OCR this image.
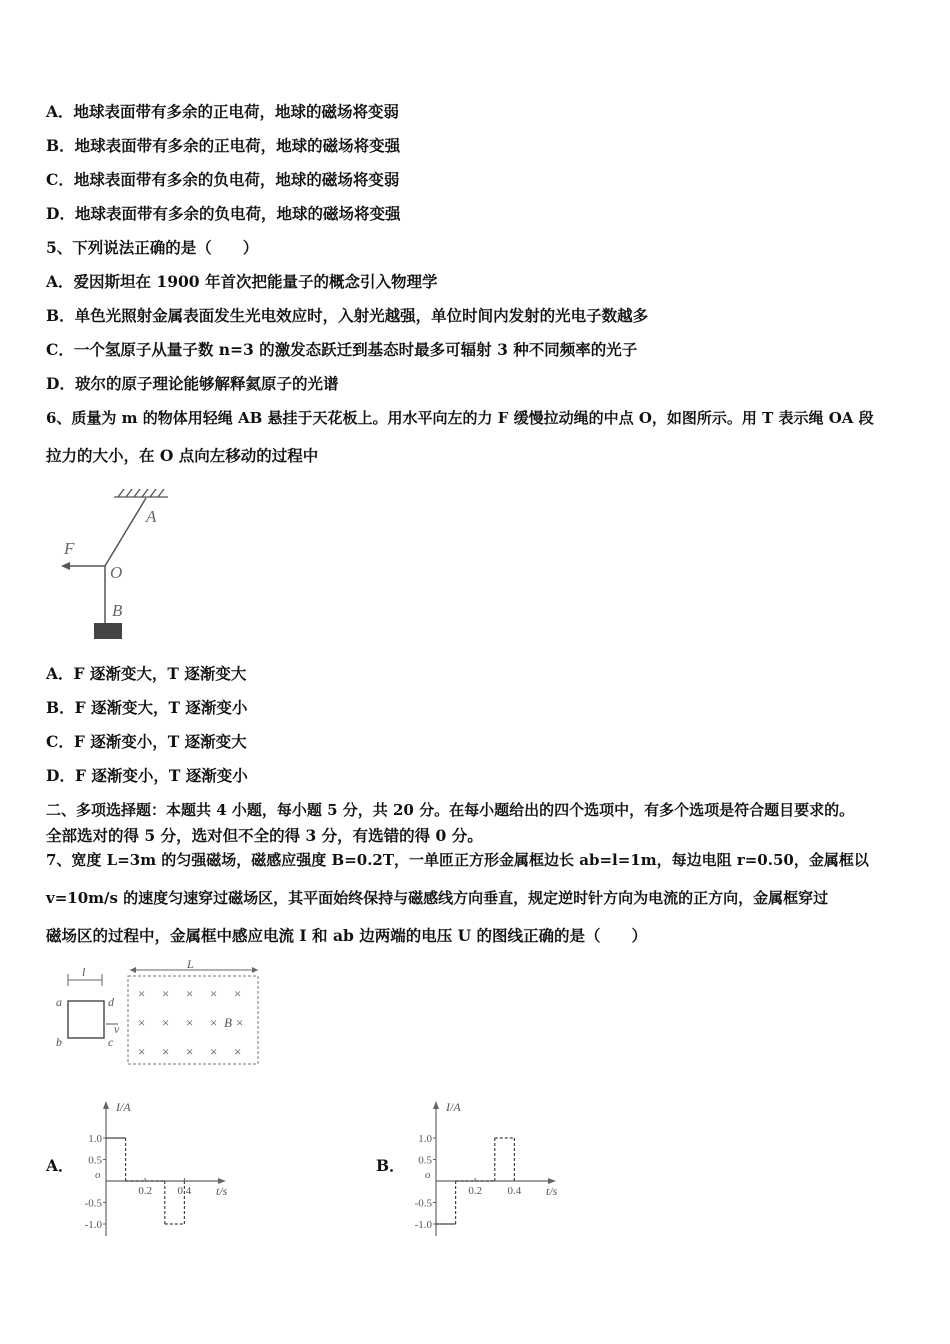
A．地球表面带有多余的正电荷，地球的磁场将变弱
B．地球表面带有多余的正电荷，地球的磁场将变强
C．地球表面带有多余的负电荷，地球的磁场将变弱
D．地球表面带有多余的负电荷，地球的磁场将变强
5、下列说法正确的是（　　）
A．爱因斯坦在 1900 年首次把能量子的概念引入物理学
B．单色光照射金属表面发生光电效应时，入射光越强，单位时间内发射的光电子数越多
C．一个氢原子从量子数 n=3 的激发态跃迁到基态时最多可辐射 3 种不同频率的光子
D．玻尔的原子理论能够解释氦原子的光谱
6、质量为 m 的物体用轻绳 AB 悬挂于天花板上。用水平向左的力 F 缓慢拉动绳的中点 O，如图所示。用 T 表示绳 OA 段
拉力的大小，在 O 点向左移动的过程中
A
O
F
B
A．F 逐渐变大，T 逐渐变大
B．F 逐渐变大，T 逐渐变小
C．F 逐渐变小，T 逐渐变大
D．F 逐渐变小，T 逐渐变小
二、多项选择题：本题共 4 小题，每小题 5 分，共 20 分。在每小题给出的四个选项中，有多个选项是符合题目要求的。
全部选对的得 5 分，选对但不全的得 3 分，有选错的得 0 分。
7、宽度 L=3m 的匀强磁场，磁感应强度 B=0.2T，一单匝正方形金属框边长 ab=l=1m，每边电阻 r=0.50，金属框以
v=10m/s 的速度匀速穿过磁场区，其平面始终保持与磁感线方向垂直，规定逆时针方向为电流的正方向，金属框穿过
磁场区的过程中，金属框中感应电流 I 和 ab 边两端的电压 U 的图线正确的是（　　）
l
a
b
d
c
v
L
× × × × ×
× × × × B ×
× × × × ×
A．	B．
I/A
t/s
o
1.0
0.5
-0.5
-1.0
0.2 0.4
I/A
t/s
o
1.0
0.5
-0.5
-1.0
0.2 0.4
